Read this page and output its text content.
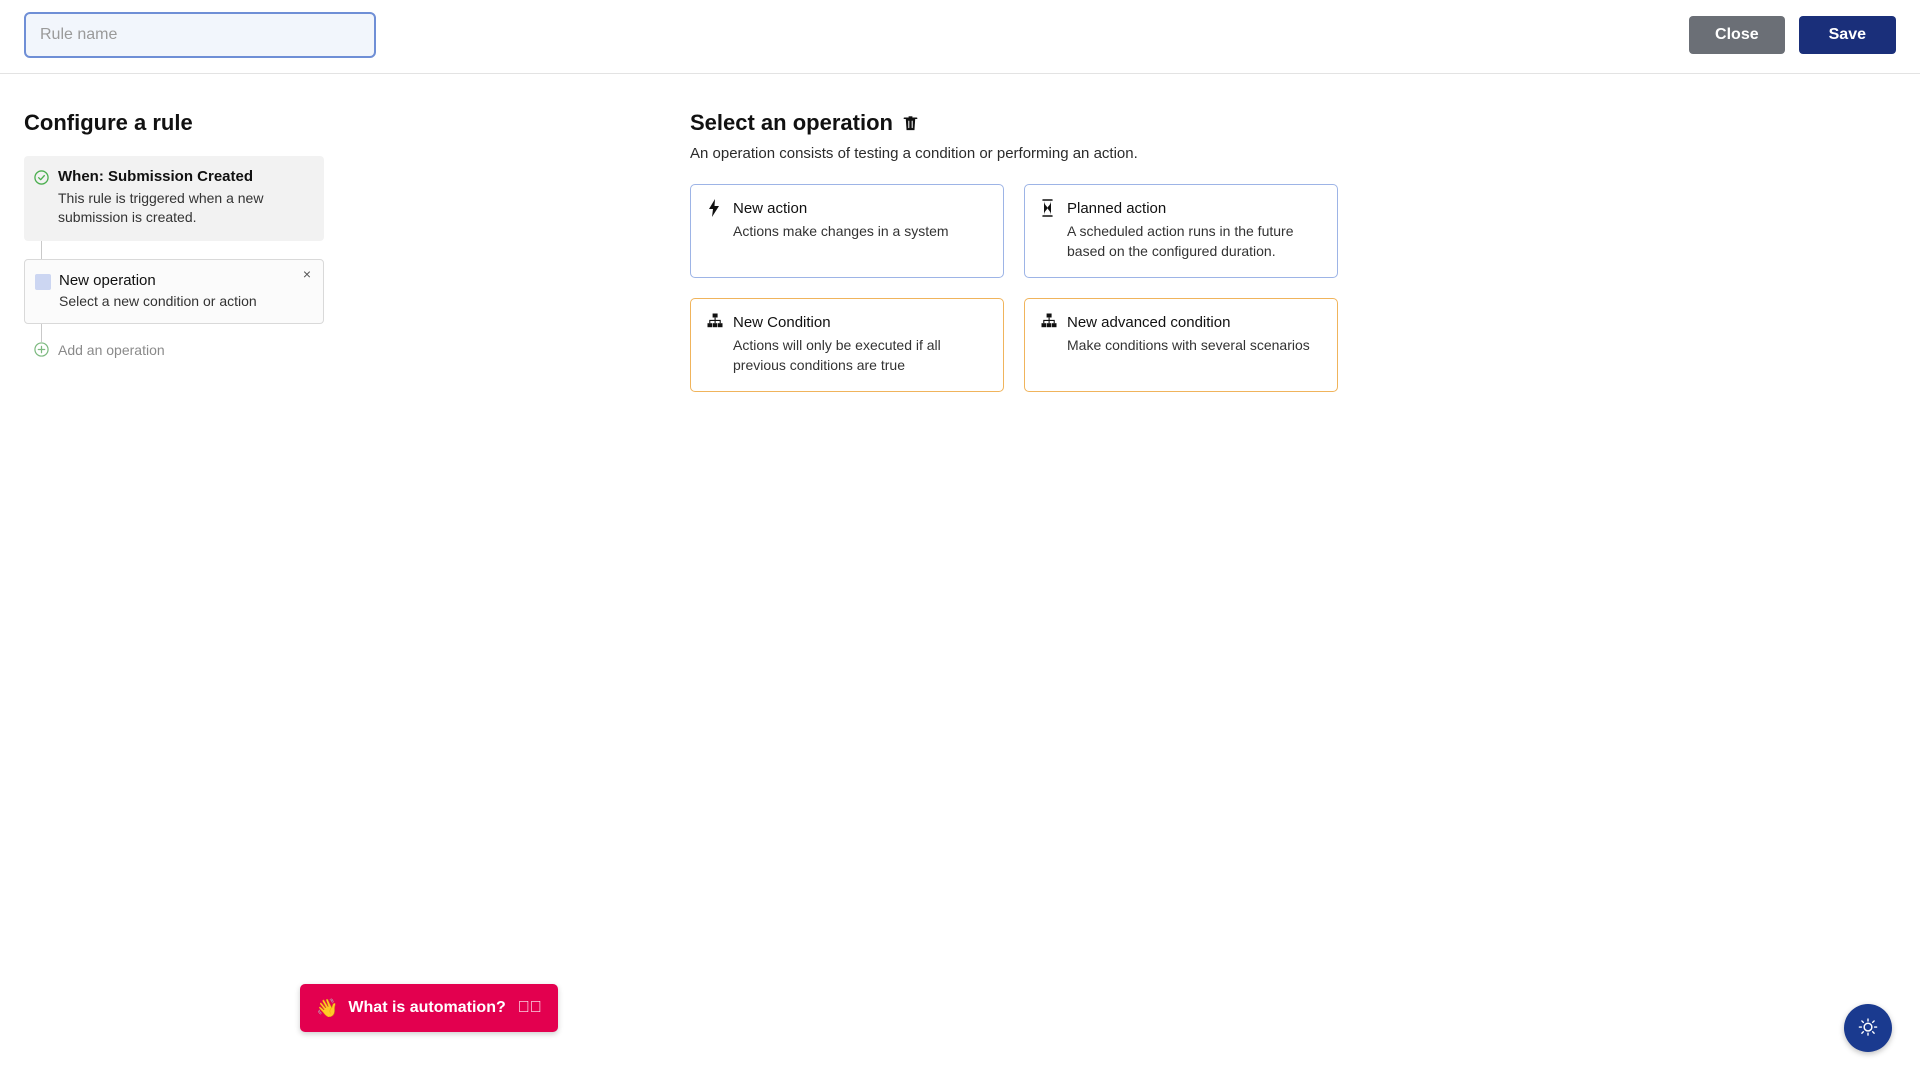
Rule name
Close	Save
Configure a rule

When: Submission Created

This rule is triggered when a new submission is created.

×

New operation

Select a new condition or action

Add an operation
Select an operation

An operation consists of testing a condition or performing an action.

New action

Actions make changes in a system

Planned action

A scheduled action runs in the future based on the configured duration.

New Condition

Actions will only be executed if all previous conditions are true

New advanced condition

Make conditions with several scenarios

👋 What is automation? ✖⃝
